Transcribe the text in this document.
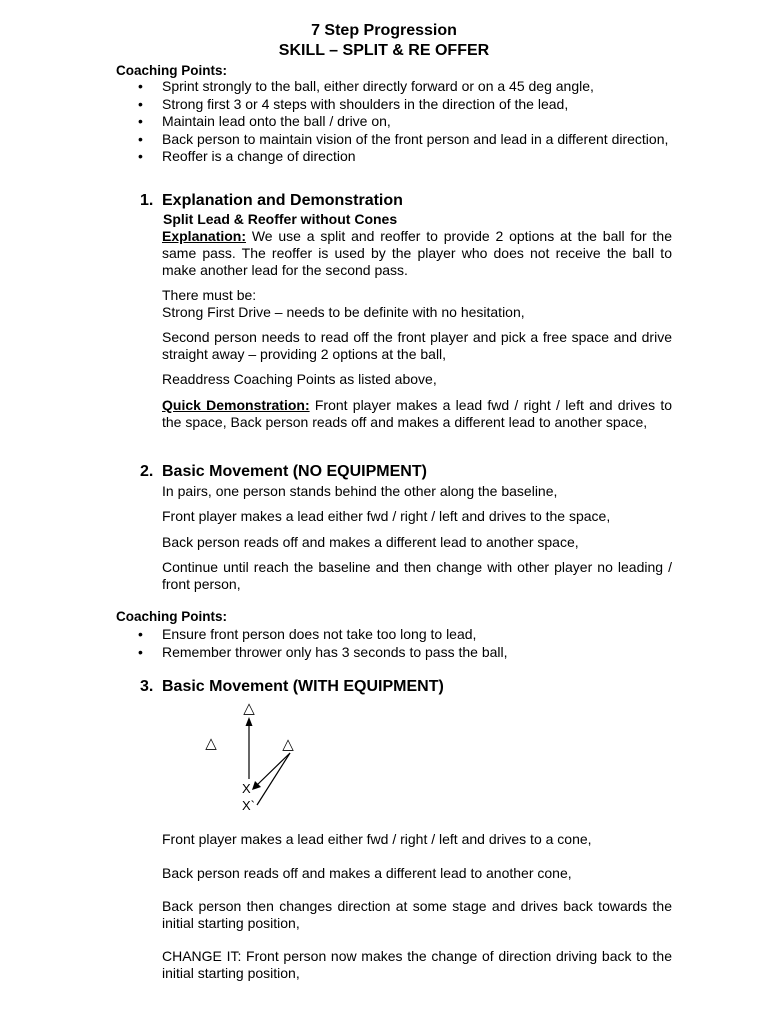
7 Step Progression
SKILL – SPLIT & RE OFFER
Coaching Points:
• Sprint strongly to the ball, either directly forward or on a 45 deg angle,
• Strong first 3 or 4 steps with shoulders in the direction of the lead,
• Maintain lead onto the ball / drive on,
• Back person to maintain vision of the front person and lead in a different direction,
• Reoffer is a change of direction
1. Explanation and Demonstration
Split Lead & Reoffer without Cones
Explanation: We use a split and reoffer to provide 2 options at the ball for the same pass. The reoffer is used by the player who does not receive the ball to make another lead for the second pass.
There must be:
Strong First Drive – needs to be definite with no hesitation,
Second person needs to read off the front player and pick a free space and drive straight away – providing 2 options at the ball,
Readdress Coaching Points as listed above,
Quick Demonstration: Front player makes a lead fwd / right / left and drives to the space, Back person reads off and makes a different lead to another space,
2. Basic Movement (NO EQUIPMENT)
In pairs, one person stands behind the other along the baseline,
Front player makes a lead either fwd / right / left and drives to the space,
Back person reads off and makes a different lead to another space,
Continue until reach the baseline and then change with other player no leading / front person,
Coaching Points:
• Ensure front person does not take too long to lead,
• Remember thrower only has 3 seconds to pass the ball,
3. Basic Movement (WITH EQUIPMENT)
△
△	△
X
X`
Front player makes a lead either fwd / right / left and drives to a cone,
Back person reads off and makes a different lead to another cone,
Back person then changes direction at some stage and drives back towards the initial starting position,
CHANGE IT: Front person now makes the change of direction driving back to the initial starting position,
